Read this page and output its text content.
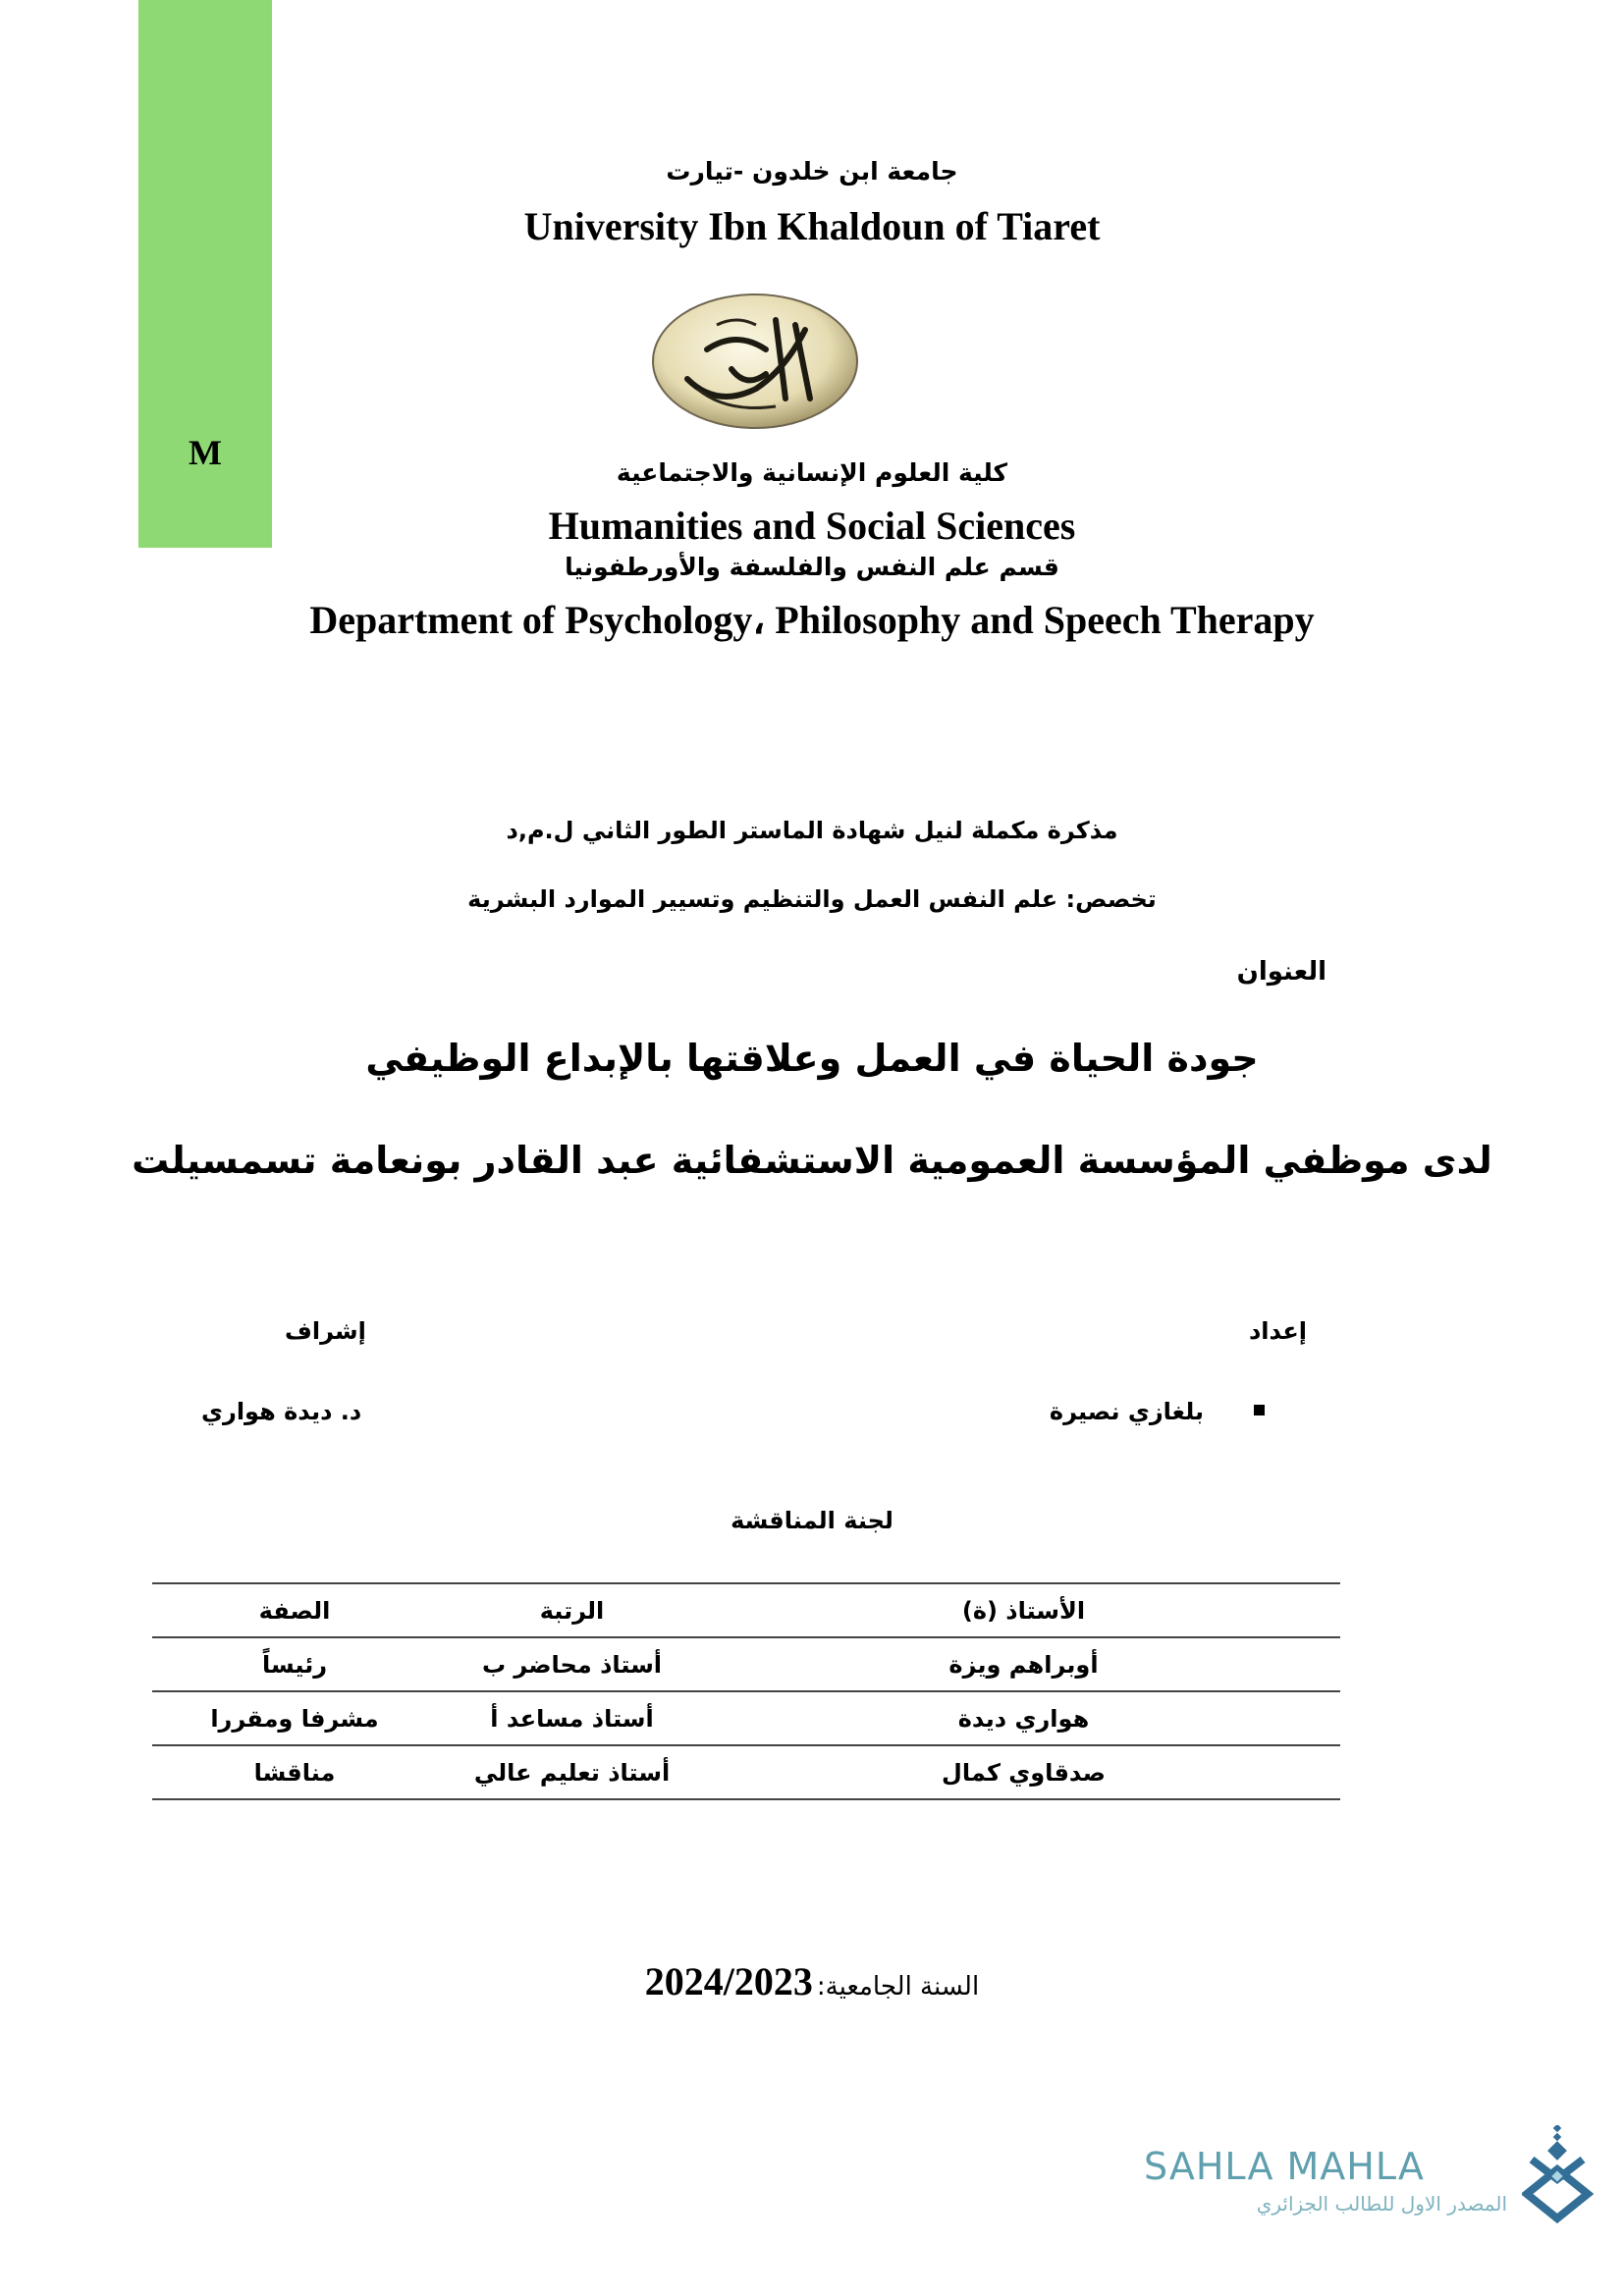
M
جامعة ابن خلدون -تيارت
University Ibn Khaldoun of Tiaret
كلية العلوم الإنسانية والاجتماعية
Humanities and Social Sciences
قسم علم النفس والفلسفة والأورطفونيا
Department of Psychology، Philosophy and Speech Therapy
مذكرة مكملة لنيل شهادة الماستر الطور الثاني ل.م,د
تخصص: علم النفس العمل والتنظيم وتسيير الموارد البشرية
العنوان
جودة الحياة في العمل وعلاقتها بالإبداع الوظيفي
لدى موظفي المؤسسة العمومية الاستشفائية عبد القادر بونعامة تسمسيلت
إعداد
إشراف
بلغازي نصيرة
د. ديدة هواري
لجنة المناقشة
الأستاذ (ة)	الرتبة	الصفة
أوبراهم ويزة	أستاذ محاضر ب	رئيساً
هواري ديدة	أستاذ مساعد أ	مشرفا ومقررا
صدقاوي كمال	أستاذ تعليم عالي	مناقشا
السنة الجامعية: 2024/2023
SAHLA MAHLA
المصدر الاول للطالب الجزائري
